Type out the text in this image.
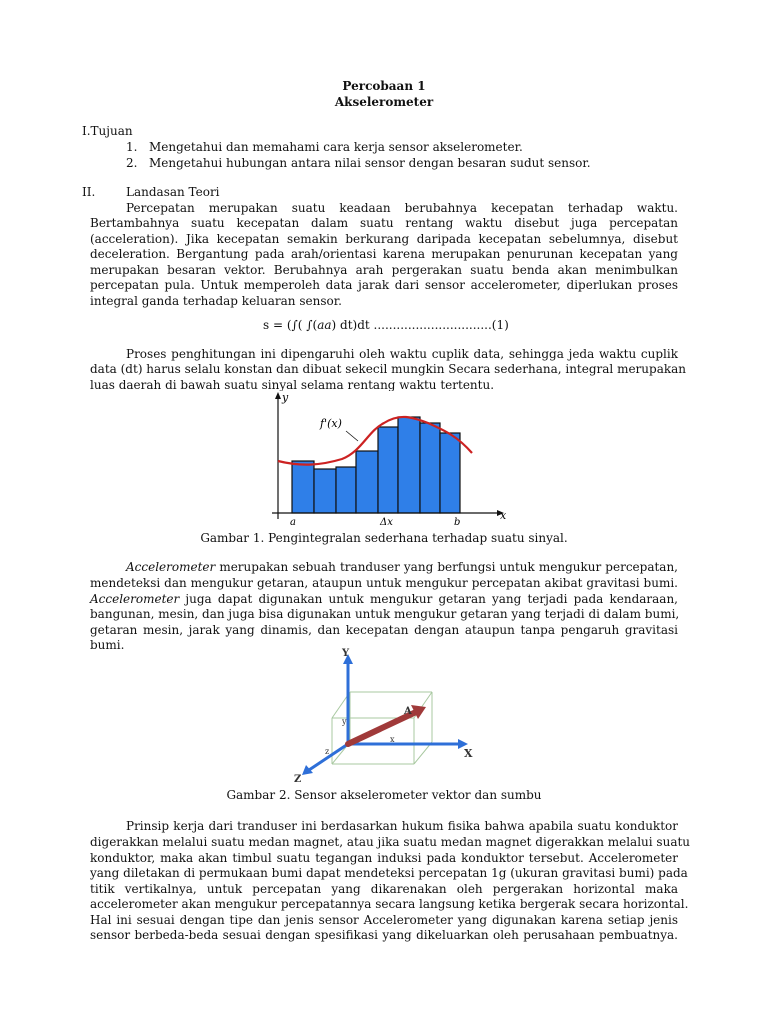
Percobaan 1
Akselerometer
I.Tujuan
1. Mengetahui dan memahami cara kerja sensor akselerometer.
2. Mengetahui hubungan antara nilai sensor dengan besaran sudut sensor.
II.	Landasan Teori
Percepatan merupakan suatu keadaan berubahnya kecepatan terhadap waktu.
Bertambahnya suatu kecepatan dalam suatu rentang waktu disebut juga percepatan
(acceleration). Jika kecepatan semakin berkurang daripada kecepatan sebelumnya, disebut
deceleration. Bergantung pada arah/orientasi karena merupakan penurunan kecepatan yang
merupakan besaran vektor. Berubahnya arah pergerakan suatu benda akan menimbulkan
percepatan pula. Untuk memperoleh data jarak dari sensor accelerometer, diperlukan proses
integral ganda terhadap keluaran sensor.
s = (∫( ∫(aa) dt)dt ...............................(1)
Proses penghitungan ini dipengaruhi oleh waktu cuplik data, sehingga jeda waktu cuplik
data (dt) harus selalu konstan dan dibuat sekecil mungkin Secara sederhana, integral merupakan
luas daerah di bawah suatu sinyal selama rentang waktu tertentu.
f'(x)
y
x
a	Δx	b
Gambar 1. Pengintegralan sederhana terhadap suatu sinyal.
Accelerometer merupakan sebuah tranduser yang berfungsi untuk mengukur percepatan,
mendeteksi dan mengukur getaran, ataupun untuk mengukur percepatan akibat gravitasi bumi.
Accelerometer juga dapat digunakan untuk mengukur getaran yang terjadi pada kendaraan,
bangunan, mesin, dan juga bisa digunakan untuk mengukur getaran yang terjadi di dalam bumi,
getaran mesin, jarak yang dinamis, dan kecepatan dengan ataupun tanpa pengaruh gravitasi
bumi.
Y
X
Z
A
x
y
z
Gambar 2. Sensor akselerometer vektor dan sumbu
Prinsip kerja dari tranduser ini berdasarkan hukum fisika bahwa apabila suatu konduktor
digerakkan melalui suatu medan magnet, atau jika suatu medan magnet digerakkan melalui suatu
konduktor, maka akan timbul suatu tegangan induksi pada konduktor tersebut. Accelerometer
yang diletakan di permukaan bumi dapat mendeteksi percepatan 1g (ukuran gravitasi bumi) pada
titik vertikalnya, untuk percepatan yang dikarenakan oleh pergerakan horizontal maka
accelerometer akan mengukur percepatannya secara langsung ketika bergerak secara horizontal.
Hal ini sesuai dengan tipe dan jenis sensor Accelerometer yang digunakan karena setiap jenis
sensor berbeda-beda sesuai dengan spesifikasi yang dikeluarkan oleh perusahaan pembuatnya.
